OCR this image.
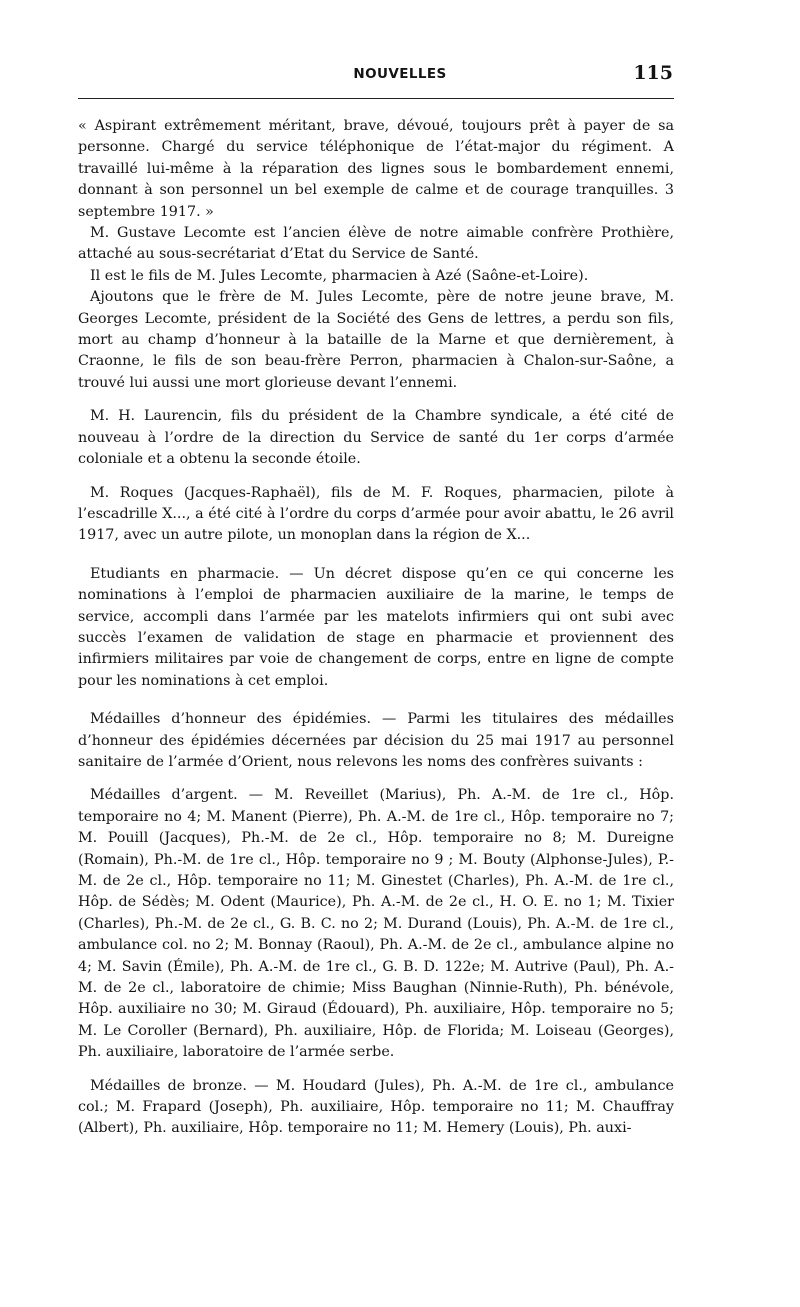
NOUVELLES	115

« Aspirant extrêmement méritant, brave, dévoué, toujours prêt à payer de sa personne. Chargé du service téléphonique de l’état-major du régiment. A travaillé lui-même à la réparation des lignes sous le bombardement ennemi, donnant à son personnel un bel exemple de calme et de courage tranquilles. 3 septembre 1917. »

M. Gustave Lecomte est l’ancien élève de notre aimable confrère Prothière, attaché au sous-secrétariat d’Etat du Service de Santé.

Il est le fils de M. Jules Lecomte, pharmacien à Azé (Saône-et-Loire).

Ajoutons que le frère de M. Jules Lecomte, père de notre jeune brave, M. Georges Lecomte, président de la Société des Gens de lettres, a perdu son fils, mort au champ d’honneur à la bataille de la Marne et que dernièrement, à Craonne, le fils de son beau-frère Perron, pharmacien à Chalon-sur-Saône, a trouvé lui aussi une mort glorieuse devant l’ennemi.

M. H. Laurencin, fils du président de la Chambre syndicale, a été cité de nouveau à l’ordre de la direction du Service de santé du 1er corps d’armée coloniale et a obtenu la seconde étoile.

M. Roques (Jacques-Raphaël), fils de M. F. Roques, pharmacien, pilote à l’escadrille X..., a été cité à l’ordre du corps d’armée pour avoir abattu, le 26 avril 1917, avec un autre pilote, un monoplan dans la région de X...

Etudiants en pharmacie. — Un décret dispose qu’en ce qui concerne les nominations à l’emploi de pharmacien auxiliaire de la marine, le temps de service, accompli dans l’armée par les matelots infirmiers qui ont subi avec succès l’examen de validation de stage en pharmacie et proviennent des infirmiers militaires par voie de changement de corps, entre en ligne de compte pour les nominations à cet emploi.

Médailles d’honneur des épidémies. — Parmi les titulaires des médailles d’honneur des épidémies décernées par décision du 25 mai 1917 au personnel sanitaire de l’armée d’Orient, nous relevons les noms des confrères suivants :

Médailles d’argent. — M. Reveillet (Marius), Ph. A.-M. de 1re cl., Hôp. temporaire no 4; M. Manent (Pierre), Ph. A.-M. de 1re cl., Hôp. temporaire no 7; M. Pouill (Jacques), Ph.-M. de 2e cl., Hôp. temporaire no 8; M. Dureigne (Romain), Ph.-M. de 1re cl., Hôp. temporaire no 9 ; M. Bouty (Alphonse-Jules), P.-M. de 2e cl., Hôp. temporaire no 11; M. Ginestet (Charles), Ph. A.-M. de 1re cl., Hôp. de Sédès; M. Odent (Maurice), Ph. A.-M. de 2e cl., H. O. E. no 1; M. Tixier (Charles), Ph.-M. de 2e cl., G. B. C. no 2; M. Durand (Louis), Ph. A.-M. de 1re cl., ambulance col. no 2; M. Bonnay (Raoul), Ph. A.-M. de 2e cl., ambulance alpine no 4; M. Savin (Émile), Ph. A.-M. de 1re cl., G. B. D. 122e; M. Autrive (Paul), Ph. A.-M. de 2e cl., laboratoire de chimie; Miss Baughan (Ninnie-Ruth), Ph. bénévole, Hôp. auxiliaire no 30; M. Giraud (Édouard), Ph. auxiliaire, Hôp. temporaire no 5; M. Le Coroller (Bernard), Ph. auxiliaire, Hôp. de Florida; M. Loiseau (Georges), Ph. auxiliaire, laboratoire de l’armée serbe.

Médailles de bronze. — M. Houdard (Jules), Ph. A.-M. de 1re cl., ambulance col.; M. Frapard (Joseph), Ph. auxiliaire, Hôp. temporaire no 11; M. Chauffray (Albert), Ph. auxiliaire, Hôp. temporaire no 11; M. Hemery (Louis), Ph. auxi-
